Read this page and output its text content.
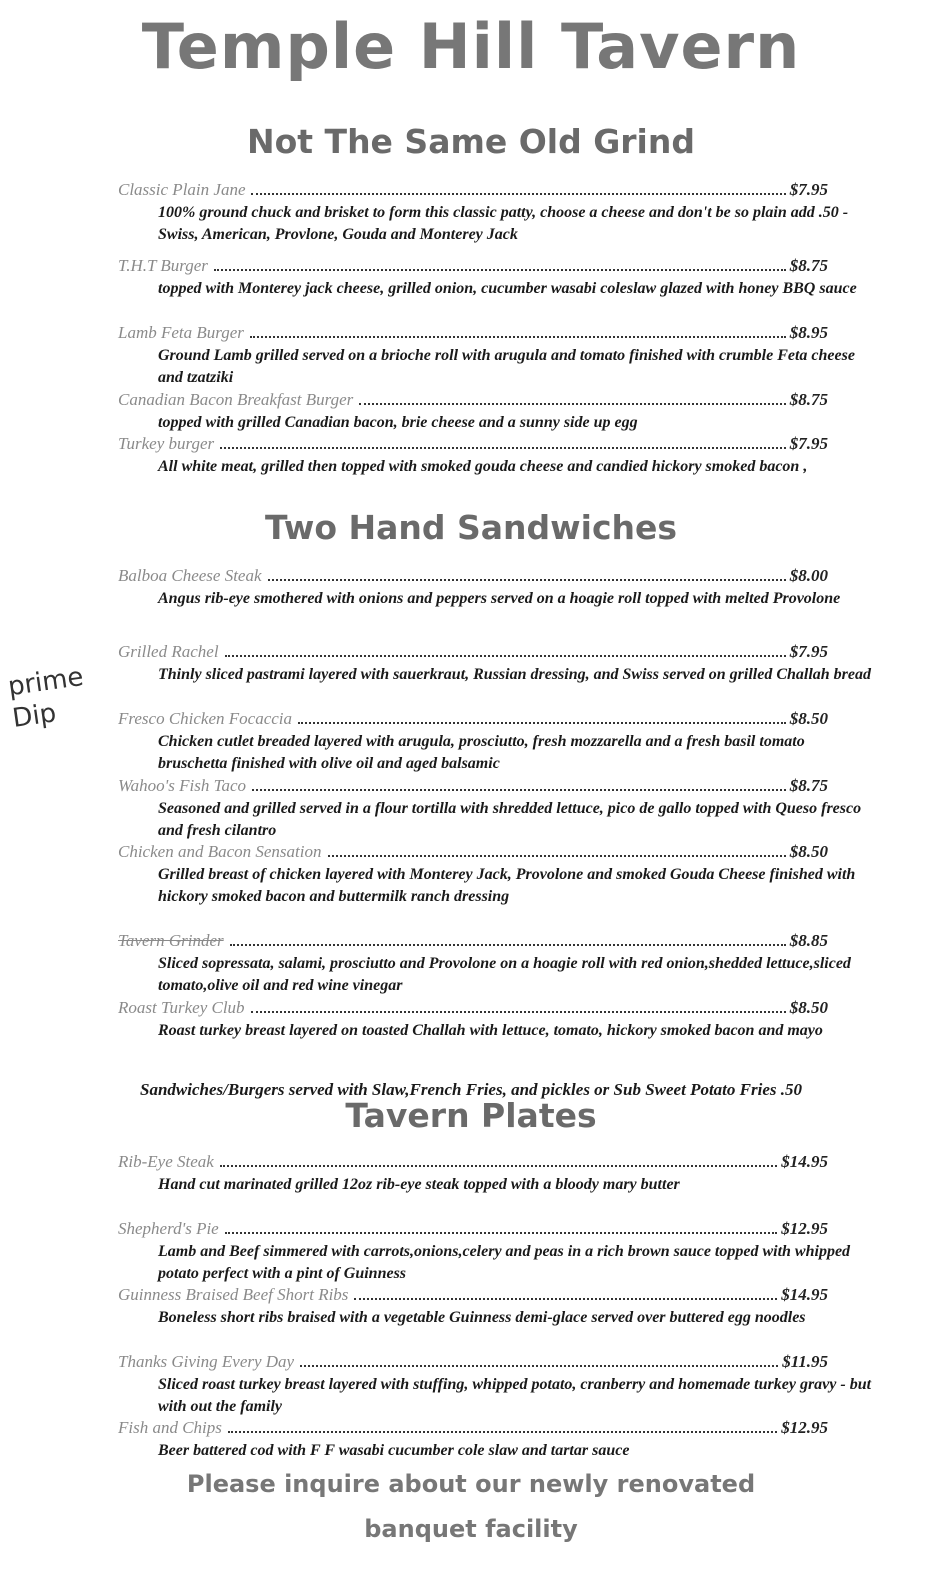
Temple Hill Tavern
Not The Same Old Grind
Classic Plain Jane	$7.95
100% ground chuck and brisket to form this classic patty, choose a cheese and don't be so plain add .50 - Swiss, American, Provlone, Gouda and Monterey Jack
T.H.T Burger	$8.75
topped with Monterey jack cheese, grilled onion, cucumber wasabi coleslaw glazed with honey BBQ sauce
Lamb Feta Burger	$8.95
Ground Lamb grilled served on a brioche roll with arugula and tomato finished with crumble Feta cheese and tzatziki
Canadian Bacon Breakfast Burger	$8.75
topped with grilled Canadian bacon, brie cheese and a sunny side up egg
Turkey burger	$7.95
All white meat, grilled then topped with smoked gouda cheese and candied hickory smoked bacon ,
Two Hand Sandwiches
Balboa Cheese Steak	$8.00
Angus rib-eye smothered with onions and peppers served on a hoagie roll topped with melted Provolone
Grilled Rachel	$7.95
Thinly sliced pastrami layered with sauerkraut, Russian dressing, and Swiss served on grilled Challah bread
Fresco Chicken Focaccia	$8.50
Chicken cutlet breaded layered with arugula, prosciutto, fresh mozzarella and a fresh basil tomato bruschetta finished with olive oil and aged balsamic
Wahoo's Fish Taco	$8.75
Seasoned and grilled served in a flour tortilla with shredded lettuce, pico de gallo topped with Queso fresco and fresh cilantro
Chicken and Bacon Sensation	$8.50
Grilled breast of chicken layered with Monterey Jack, Provolone and smoked Gouda Cheese finished with hickory smoked bacon and buttermilk ranch dressing
Tavern Grinder	$8.85
Sliced sopressata, salami, prosciutto and Provolone on a hoagie roll with red onion,shedded lettuce,sliced tomato,olive oil and red wine vinegar
Roast Turkey Club	$8.50
Roast turkey breast layered on toasted Challah with lettuce, tomato, hickory smoked bacon and mayo
Sandwiches/Burgers served with Slaw,French Fries, and pickles or Sub Sweet Potato Fries .50
Tavern Plates
Rib-Eye Steak	$14.95
Hand cut marinated grilled 12oz rib-eye steak topped with a bloody mary butter
Shepherd's Pie	$12.95
Lamb and Beef simmered with carrots,onions,celery and peas in a rich brown sauce topped with whipped potato perfect with a pint of Guinness
Guinness Braised Beef Short Ribs	$14.95
Boneless short ribs braised with a vegetable Guinness demi-glace served over buttered egg noodles
Thanks Giving Every Day	$11.95
Sliced roast turkey breast layered with stuffing, whipped potato, cranberry and homemade turkey gravy - but with out the family
Fish and Chips	$12.95
Beer battered cod with F F wasabi cucumber cole slaw and tartar sauce
Please inquire about our newly renovated banquet facility
prime Dip
